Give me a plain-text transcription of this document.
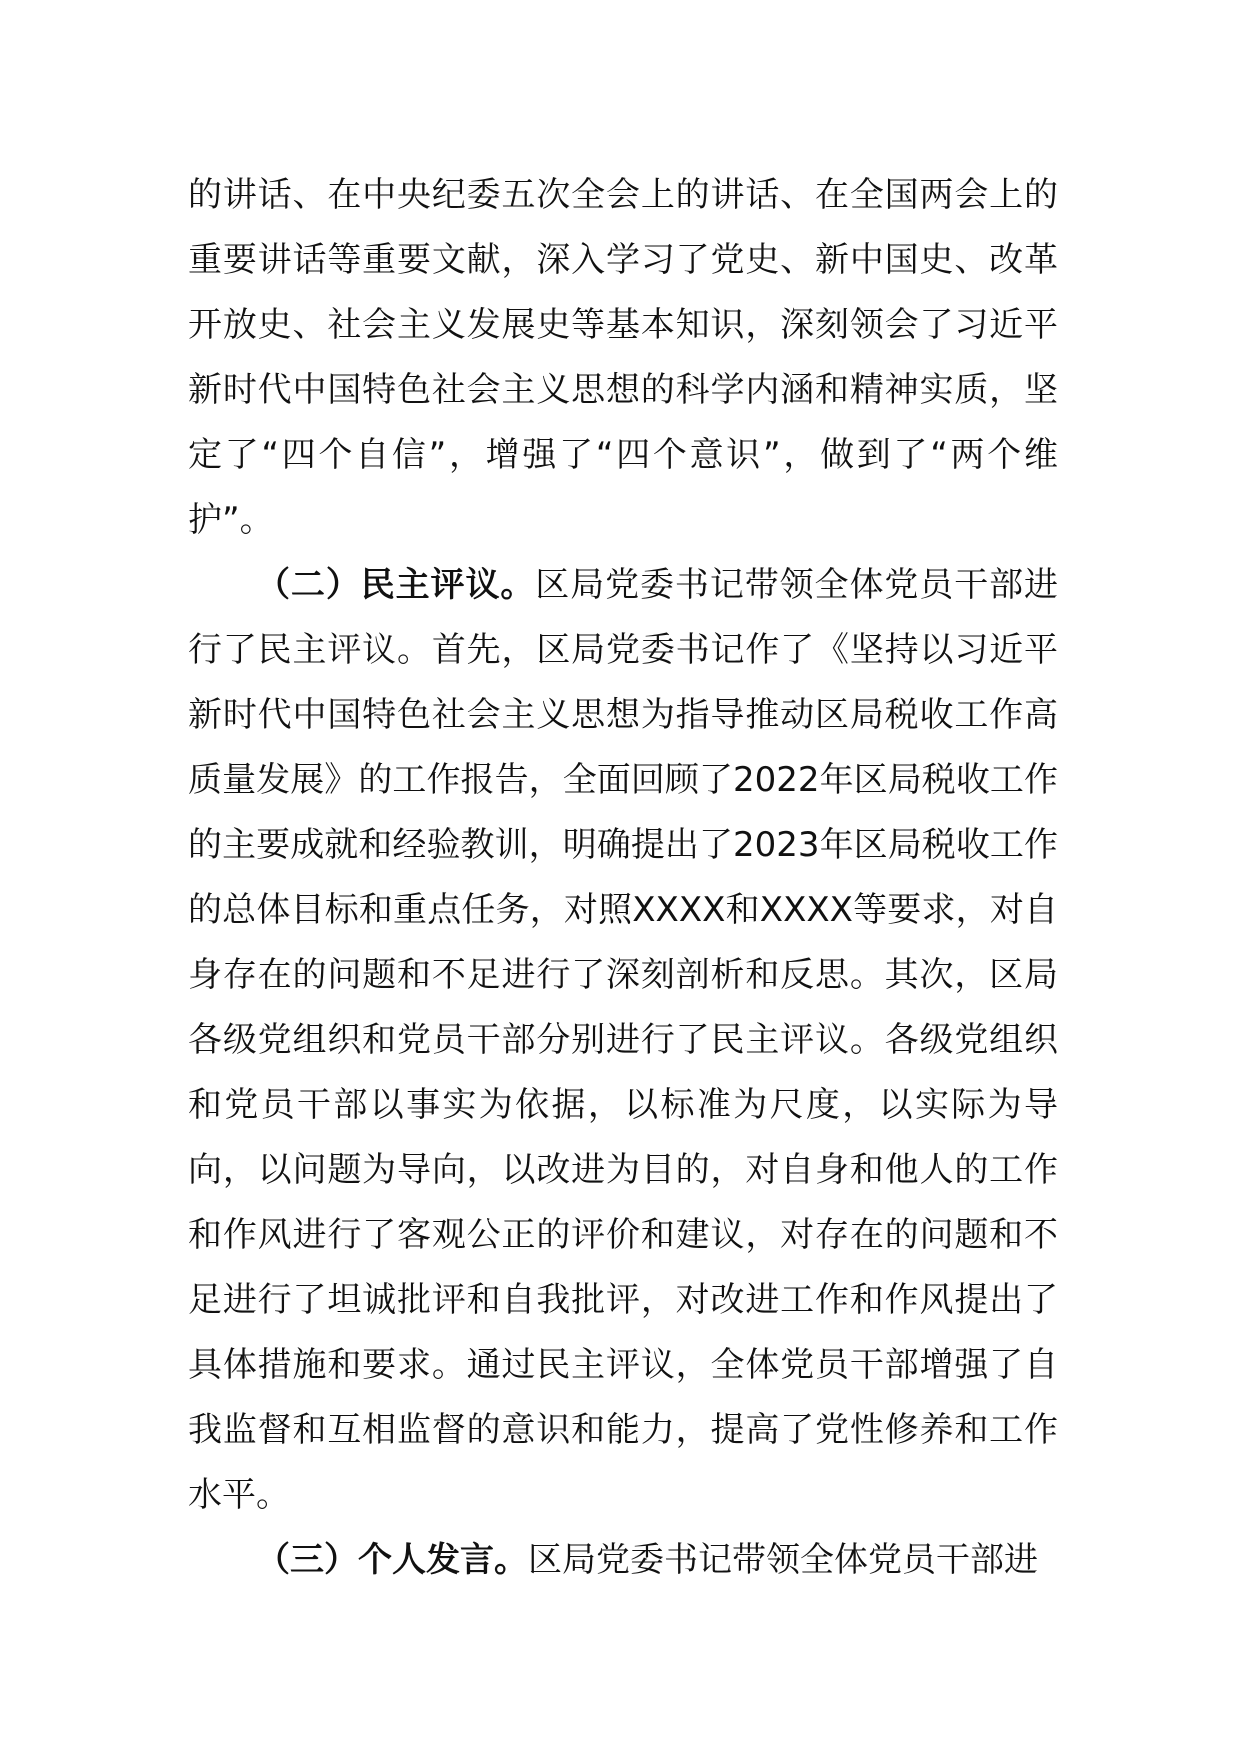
的讲话、在中央纪委五次全会上的讲话、在全国两会上的重要讲话等重要文献，深入学习了党史、新中国史、改革开放史、社会主义发展史等基本知识，深刻领会了习近平新时代中国特色社会主义思想的科学内涵和精神实质，坚定了“四个自信”，增强了“四个意识”，做到了“两个维护”。

（二）民主评议。区局党委书记带领全体党员干部进行了民主评议。首先，区局党委书记作了《坚持以习近平新时代中国特色社会主义思想为指导推动区局税收工作高质量发展》的工作报告，全面回顾了2022年区局税收工作的主要成就和经验教训，明确提出了2023年区局税收工作的总体目标和重点任务，对照XXXX和XXXX等要求，对自身存在的问题和不足进行了深刻剖析和反思。其次，区局各级党组织和党员干部分别进行了民主评议。各级党组织和党员干部以事实为依据，以标准为尺度，以实际为导向，以问题为导向，以改进为目的，对自身和他人的工作和作风进行了客观公正的评价和建议，对存在的问题和不足进行了坦诚批评和自我批评，对改进工作和作风提出了具体措施和要求。通过民主评议，全体党员干部增强了自我监督和互相监督的意识和能力，提高了党性修养和工作水平。

（三）个人发言。区局党委书记带领全体党员干部进
